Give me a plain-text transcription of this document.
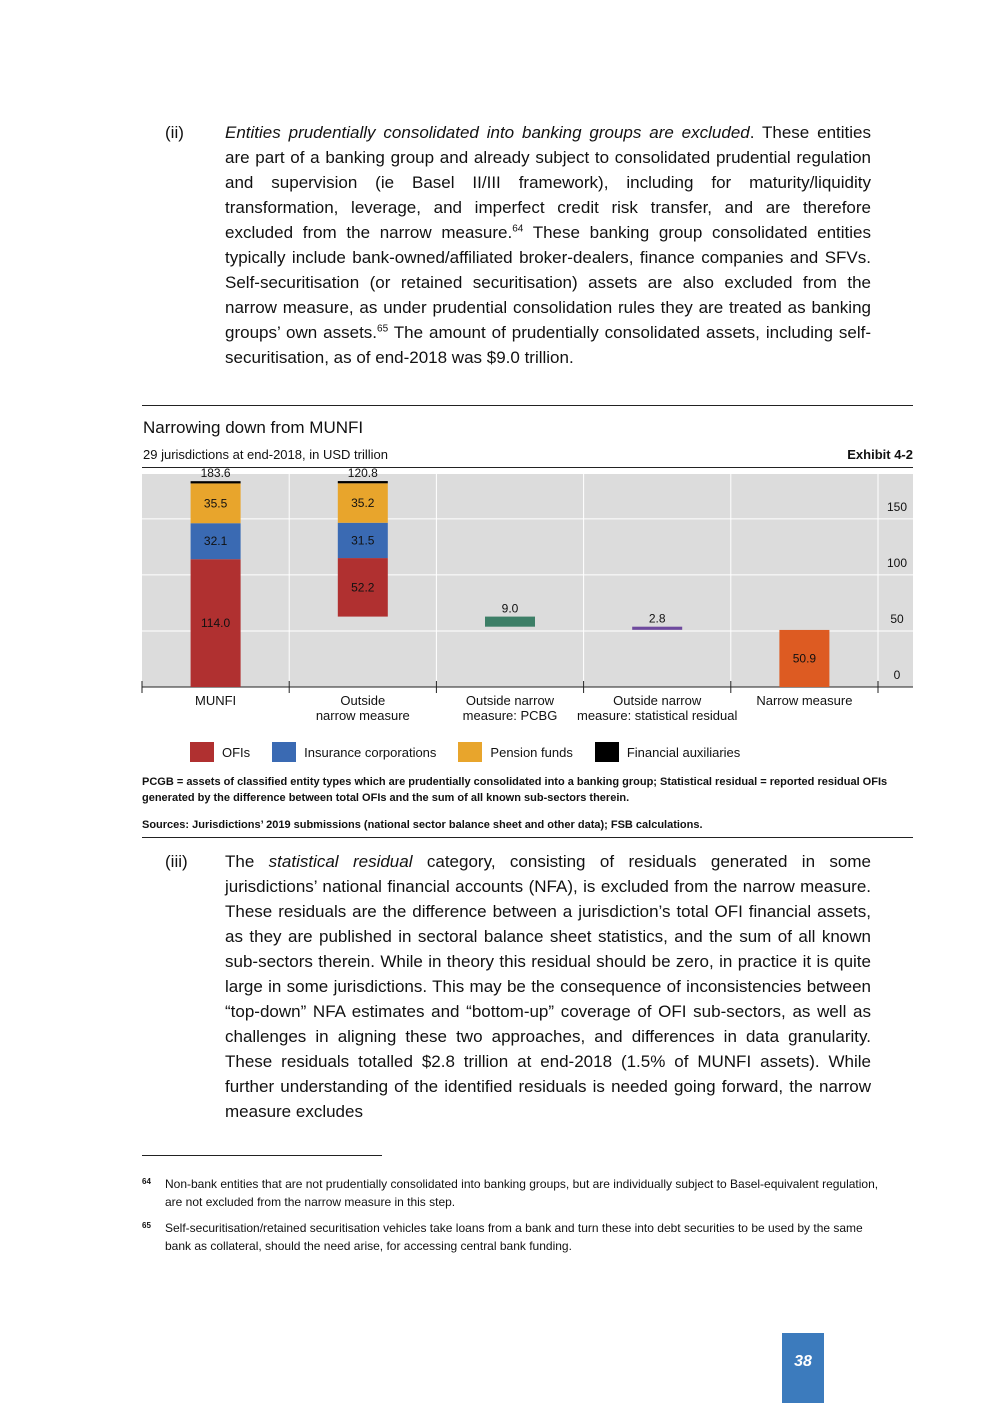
(ii) Entities prudentially consolidated into banking groups are excluded. These entities are part of a banking group and already subject to consolidated prudential regulation and supervision (ie Basel II/III framework), including for maturity/liquidity transformation, leverage, and imperfect credit risk transfer, and are therefore excluded from the narrow measure.$^{64}$ These banking group consolidated entities typically include bank-owned/affiliated broker-dealers, finance companies and SFVs. Self-securitisation (or retained securitisation) assets are also excluded from the narrow measure, as under prudential consolidation rules they are treated as banking groups’ own assets.$^{65}$ The amount of prudentially consolidated assets, including self-securitisation, as of end-2018 was $9.0 trillion.
Narrowing down from MUNFI
29 jurisdictions at end-2018, in USD trillion	Exhibit 4-2
0
50
100
150
114.0
32.1
35.5
183.6
MUNFI
52.2
31.5
35.2
120.8
Outside
narrow measure
9.0
Outside narrow
measure: PCBG
2.8
Outside narrow
measure: statistical residual
50.9
Narrow measure
OFIs	Insurance corporations	Pension funds	Financial auxiliaries
PCGB = assets of classified entity types which are prudentially consolidated into a banking group; Statistical residual = reported residual OFIs generated by the difference between total OFIs and the sum of all known sub-sectors therein.
Sources: Jurisdictions’ 2019 submissions (national sector balance sheet and other data); FSB calculations.
(iii) The statistical residual category, consisting of residuals generated in some jurisdictions’ national financial accounts (NFA), is excluded from the narrow measure. These residuals are the difference between a jurisdiction’s total OFI financial assets, as they are published in sectoral balance sheet statistics, and the sum of all known sub-sectors therein. While in theory this residual should be zero, in practice it is quite large in some jurisdictions. This may be the consequence of inconsistencies between “top-down” NFA estimates and “bottom-up” coverage of OFI sub-sectors, as well as challenges in aligning these two approaches, and differences in data granularity. These residuals totalled $2.8 trillion at end-2018 (1.5% of MUNFI assets). While further understanding of the identified residuals is needed going forward, the narrow measure excludes
64 Non-bank entities that are not prudentially consolidated into banking groups, but are individually subject to Basel-equivalent regulation, are not excluded from the narrow measure in this step.
65 Self-securitisation/retained securitisation vehicles take loans from a bank and turn these into debt securities to be used by the same bank as collateral, should the need arise, for accessing central bank funding.
38
